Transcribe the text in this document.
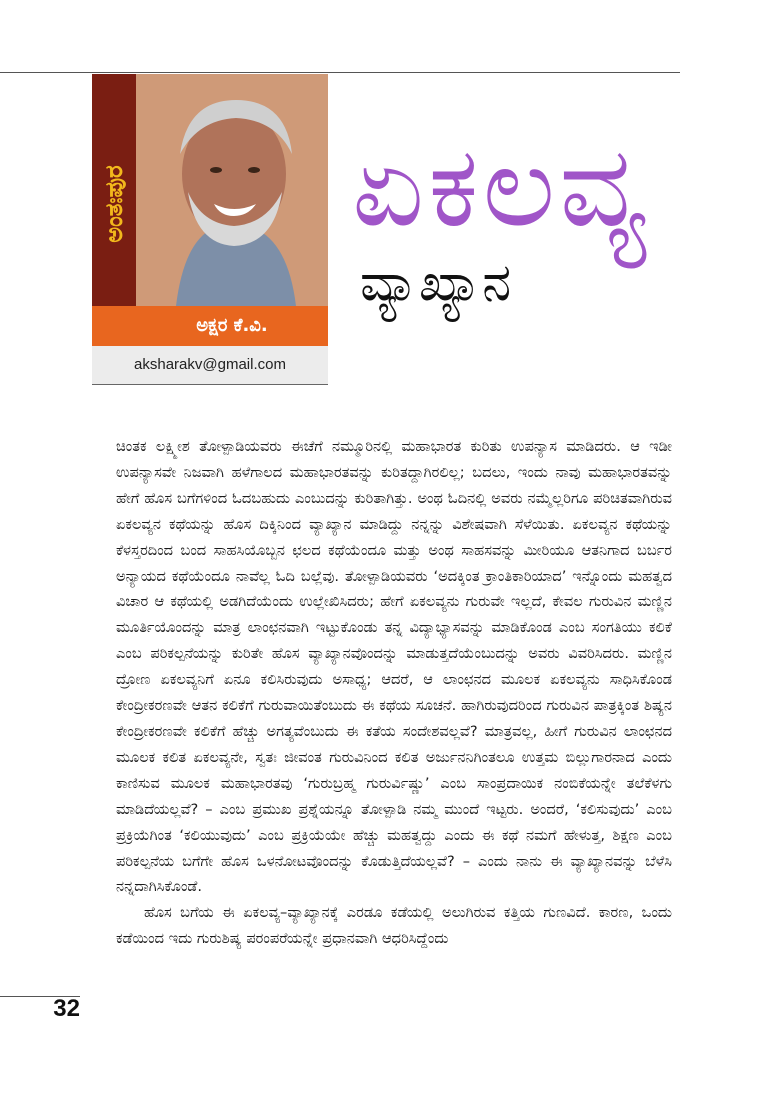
ಅಂತಃಪುರ
ಅಕ್ಷರ ಕೆ.ವಿ.
aksharakv@gmail.com
ಏಕಲವ್ಯ
ವ್ಯಾಖ್ಯಾನ

ಚಿಂತಕ ಲಕ್ಷ್ಮೀಶ ತೋಳ್ಪಾಡಿಯವರು ಈಚೆಗೆ ನಮ್ಮೂರಿನಲ್ಲಿ ಮಹಾಭಾರತ ಕುರಿತು ಉಪನ್ಯಾಸ ಮಾಡಿದರು. ಆ ಇಡೀ ಉಪನ್ಯಾಸವೇ ನಿಜವಾಗಿ ಹಳೆಗಾಲದ ಮಹಾಭಾರತವನ್ನು ಕುರಿತದ್ದಾಗಿರಲಿಲ್ಲ; ಬದಲು, ಇಂದು ನಾವು ಮಹಾಭಾರತವನ್ನು ಹೇಗೆ ಹೊಸ ಬಗೆಗಳಿಂದ ಓದಬಹುದು ಎಂಬುದನ್ನು ಕುರಿತಾಗಿತ್ತು. ಅಂಥ ಓದಿನಲ್ಲಿ ಅವರು ನಮ್ಮೆಲ್ಲರಿಗೂ ಪರಿಚಿತವಾಗಿರುವ ಏಕಲವ್ಯನ ಕಥೆಯನ್ನು ಹೊಸ ದಿಕ್ಕಿನಿಂದ ವ್ಯಾಖ್ಯಾನ ಮಾಡಿದ್ದು ನನ್ನನ್ನು ವಿಶೇಷವಾಗಿ ಸೆಳೆಯಿತು. ಏಕಲವ್ಯನ ಕಥೆಯನ್ನು ಕೆಳಸ್ತರದಿಂದ ಬಂದ ಸಾಹಸಿಯೊಬ್ಬನ ಛಲದ ಕಥೆಯೆಂದೂ ಮತ್ತು ಅಂಥ ಸಾಹಸವನ್ನು ಮೀರಿಯೂ ಆತನಿಗಾದ ಬರ್ಬರ ಅನ್ಯಾಯದ ಕಥೆಯೆಂದೂ ನಾವೆಲ್ಲ ಓದಿ ಬಲ್ಲೆವು. ತೋಳ್ಪಾಡಿಯವರು ‘ಅದಕ್ಕಿಂತ ಕ್ರಾಂತಿಕಾರಿಯಾದ’ ಇನ್ನೊಂದು ಮಹತ್ವದ ವಿಚಾರ ಆ ಕಥೆಯಲ್ಲಿ ಅಡಗಿದೆಯೆಂದು ಉಲ್ಲೇಖಿಸಿದರು; ಹೇಗೆ ಏಕಲವ್ಯನು ಗುರುವೇ ಇಲ್ಲದೆ, ಕೇವಲ ಗುರುವಿನ ಮಣ್ಣಿನ ಮೂರ್ತಿಯೊಂದನ್ನು ಮಾತ್ರ ಲಾಂಛನವಾಗಿ ಇಟ್ಟುಕೊಂಡು ತನ್ನ ವಿದ್ಯಾಭ್ಯಾಸವನ್ನು ಮಾಡಿಕೊಂಡ ಎಂಬ ಸಂಗತಿಯು ಕಲಿಕೆ ಎಂಬ ಪರಿಕಲ್ಪನೆಯನ್ನು ಕುರಿತೇ ಹೊಸ ವ್ಯಾಖ್ಯಾನವೊಂದನ್ನು ಮಾಡುತ್ತದೆಯೆಂಬುದನ್ನು ಅವರು ವಿವರಿಸಿದರು. ಮಣ್ಣಿನ ದ್ರೋಣ ಏಕಲವ್ಯನಿಗೆ ಏನೂ ಕಲಿಸಿರುವುದು ಅಸಾಧ್ಯ; ಆದರೆ, ಆ ಲಾಂಛನದ ಮೂಲಕ ಏಕಲವ್ಯನು ಸಾಧಿಸಿಕೊಂಡ ಕೇಂದ್ರೀಕರಣವೇ ಆತನ ಕಲಿಕೆಗೆ ಗುರುವಾಯಿತೆಂಬುದು ಈ ಕಥೆಯ ಸೂಚನೆ. ಹಾಗಿರುವುದರಿಂದ ಗುರುವಿನ ಪಾತ್ರಕ್ಕಿಂತ ಶಿಷ್ಯನ ಕೇಂದ್ರೀಕರಣವೇ ಕಲಿಕೆಗೆ ಹೆಚ್ಚು ಅಗತ್ಯವೆಂಬುದು ಈ ಕತೆಯ ಸಂದೇಶವಲ್ಲವೆ? ಮಾತ್ರವಲ್ಲ, ಹೀಗೆ ಗುರುವಿನ ಲಾಂಛನದ ಮೂಲಕ ಕಲಿತ ಏಕಲವ್ಯನೇ, ಸ್ವತಃ ಜೀವಂತ ಗುರುವಿನಿಂದ ಕಲಿತ ಅರ್ಜುನನಿಗಿಂತಲೂ ಉತ್ತಮ ಬಿಲ್ಲುಗಾರನಾದ ಎಂದು ಕಾಣಿಸುವ ಮೂಲಕ ಮಹಾಭಾರತವು ‘ಗುರುಬ್ರಹ್ಮ ಗುರುರ್ವಿಷ್ಣು’ ಎಂಬ ಸಾಂಪ್ರದಾಯಿಕ ನಂಬಿಕೆಯನ್ನೇ ತಲೆಕೆಳಗು ಮಾಡಿದೆಯಲ್ಲವೆ? – ಎಂಬ ಪ್ರಮುಖ ಪ್ರಶ್ನೆಯನ್ನೂ ತೋಳ್ಪಾಡಿ ನಮ್ಮ ಮುಂದೆ ಇಟ್ಟರು. ಅಂದರೆ, ‘ಕಲಿಸುವುದು’ ಎಂಬ ಪ್ರಕ್ರಿಯೆಗಿಂತ ‘ಕಲಿಯುವುದು’ ಎಂಬ ಪ್ರಕ್ರಿಯೆಯೇ ಹೆಚ್ಚು ಮಹತ್ವದ್ದು ಎಂದು ಈ ಕಥೆ ನಮಗೆ ಹೇಳುತ್ತ, ಶಿಕ್ಷಣ ಎಂಬ ಪರಿಕಲ್ಪನೆಯ ಬಗೆಗೇ ಹೊಸ ಒಳನೋಟವೊಂದನ್ನು ಕೊಡುತ್ತಿದೆಯಲ್ಲವೆ? – ಎಂದು ನಾನು ಈ ವ್ಯಾಖ್ಯಾನವನ್ನು ಬೆಳೆಸಿ ನನ್ನದಾಗಿಸಿಕೊಂಡೆ.

ಹೊಸ ಬಗೆಯ ಈ ಏಕಲವ್ಯ–ವ್ಯಾಖ್ಯಾನಕ್ಕೆ ಎರಡೂ ಕಡೆಯಲ್ಲಿ ಅಲುಗಿರುವ ಕತ್ತಿಯ ಗುಣವಿದೆ. ಕಾರಣ, ಒಂದು ಕಡೆಯಿಂದ ಇದು ಗುರುಶಿಷ್ಯ ಪರಂಪರೆಯನ್ನೇ ಪ್ರಧಾನವಾಗಿ ಆಧರಿಸಿದ್ದೆಂದು

32
